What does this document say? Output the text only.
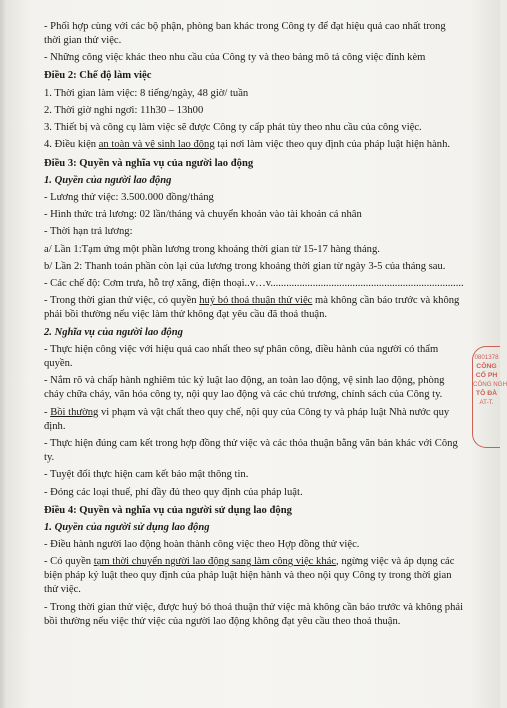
- Phối hợp cùng với các bộ phận, phòng ban khác trong Công ty để đạt hiệu quả cao nhất trong thời gian thử việc.

- Những công việc khác theo nhu cầu của Công ty và theo bảng mô tả công việc đính kèm

Điều 2: Chế độ làm việc

1. Thời gian làm việc: 8 tiếng/ngày, 48 giờ/ tuần

2. Thời giờ nghỉ ngơi: 11h30 – 13h00

3. Thiết bị và công cụ làm việc sẽ được Công ty cấp phát tùy theo nhu cầu của công việc.

4. Điều kiện an toàn và vệ sinh lao động tại nơi làm việc theo quy định của pháp luật hiện hành.

Điều 3: Quyền và nghĩa vụ của người lao động

1. Quyền của người lao động

- Lương thử việc: 3.500.000 đồng/tháng

- Hình thức trả lương: 02 lần/tháng và chuyển khoản vào tài khoản cá nhân

- Thời hạn trả lương:

a/ Lần 1:Tạm ứng một phần lương trong khoảng thời gian từ 15-17 hàng tháng.

b/ Lần 2: Thanh toán phần còn lại của lương trong khoảng thời gian từ ngày 3-5 của tháng sau.

- Các chế độ: Cơm trưa, hỗ trợ xăng, điện thoại..v…v.........................................................................

- Trong thời gian thử việc, có quyền huỷ bỏ thoả thuận thử việc mà không cần báo trước và không phải bồi thường nếu việc làm thử không đạt yêu cầu đã thoả thuận.

2. Nghĩa vụ của người lao động

- Thực hiện công việc với hiệu quả cao nhất theo sự phân công, điều hành của người có thẩm quyền.

- Nắm rõ và chấp hành nghiêm túc kỷ luật lao động, an toàn lao động, vệ sinh lao động, phòng cháy chữa cháy, văn hóa công ty, nội quy lao động và các chủ trương, chính sách của Công ty.

- Bồi thường vi phạm và vật chất theo quy chế, nội quy của Công ty và pháp luật Nhà nước quy định.

- Thực hiện đúng cam kết trong hợp đồng thử việc và các thỏa thuận bằng văn bản khác với Công ty.

- Tuyệt đối thực hiện cam kết bảo mật thông tin.

- Đóng các loại thuế, phí đầy đủ theo quy định của pháp luật.

Điều 4: Quyền và nghĩa vụ của người sử dụng lao động

1. Quyền của người sử dụng lao động

- Điều hành người lao động hoàn thành công việc theo Hợp đồng thử việc.

- Có quyền tạm thời chuyển người lao động sang làm công việc khác, ngừng việc và áp dụng các biện pháp kỷ luật theo quy định của pháp luật hiện hành và theo nội quy Công ty trong thời gian thử việc.

- Trong thời gian thử việc, được huỷ bỏ thoả thuận thử việc mà không cần báo trước và không phải bồi thường nếu việc thử việc của người lao động không đạt yêu cầu theo thoả thuận.

0801378
CÔNG
CỔ PH
CÔNG NGH
TÔ ĐÀ
AT-T.
